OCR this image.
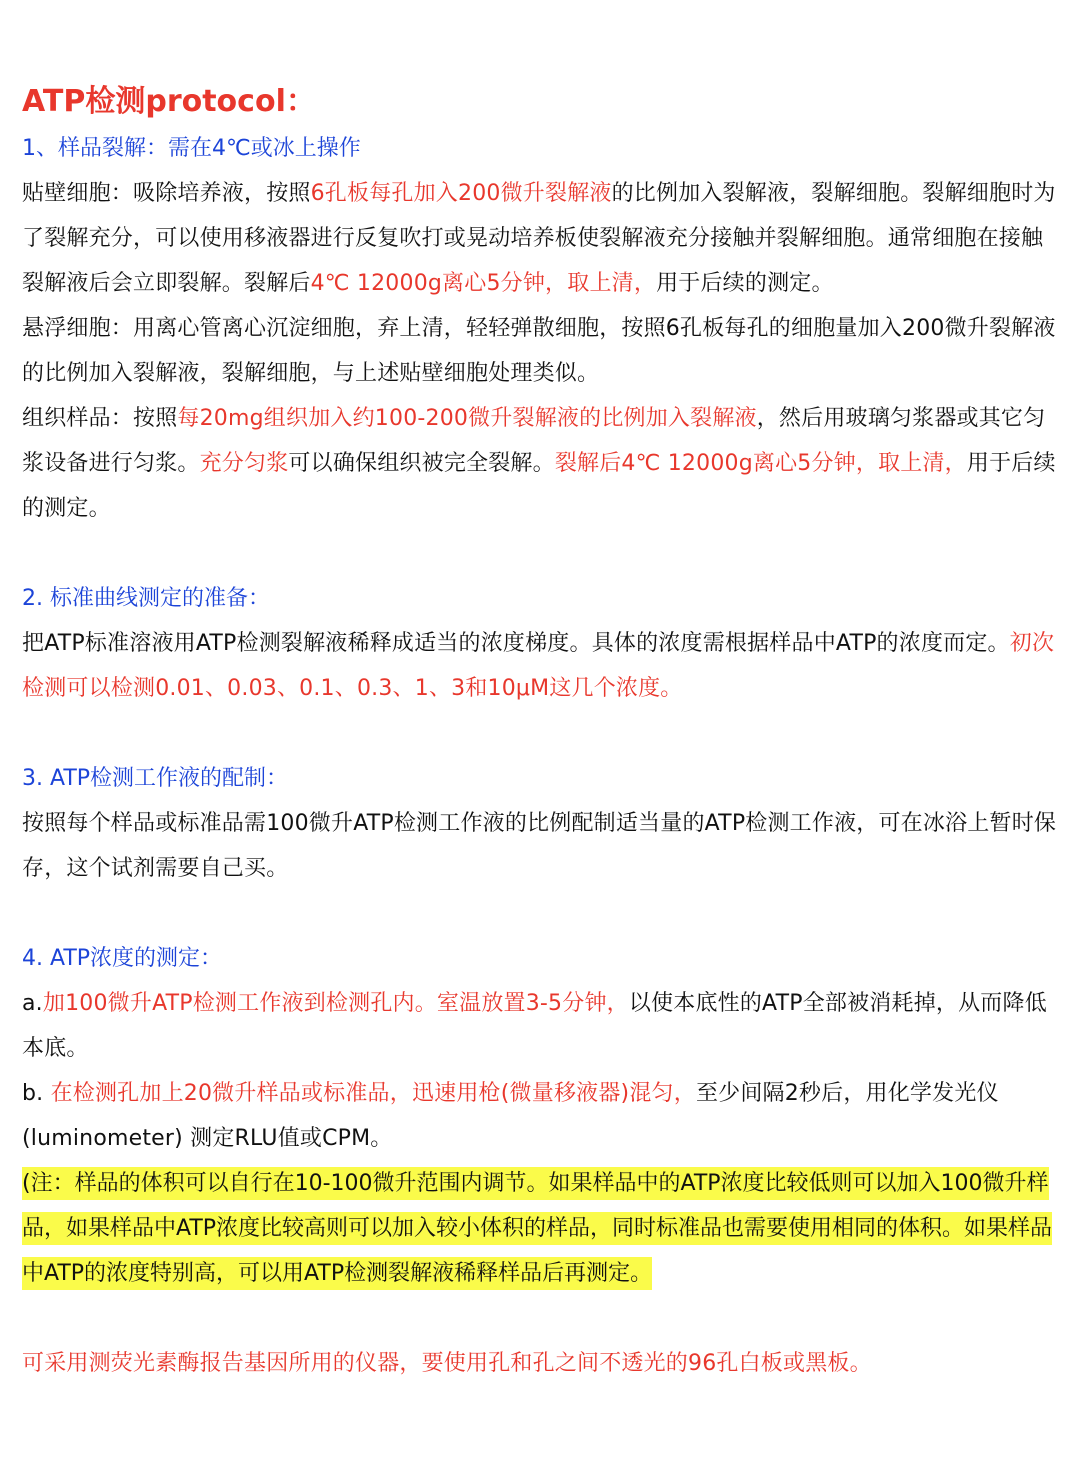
ATP检测protocol：
1、样品裂解：需在4℃或冰上操作

贴壁细胞：吸除培养液，按照6孔板每孔加入200微升裂解液的比例加入裂解液，裂解细胞。裂解细胞时为了裂解充分，可以使用移液器进行反复吹打或晃动培养板使裂解液充分接触并裂解细胞。通常细胞在接触裂解液后会立即裂解。裂解后4℃ 12000g离心5分钟，取上清，用于后续的测定。

悬浮细胞：用离心管离心沉淀细胞，弃上清，轻轻弹散细胞，按照6孔板每孔的细胞量加入200微升裂解液的比例加入裂解液，裂解细胞，与上述贴壁细胞处理类似。

组织样品：按照每20mg组织加入约100-200微升裂解液的比例加入裂解液，然后用玻璃匀浆器或其它匀浆设备进行匀浆。充分匀浆可以确保组织被完全裂解。裂解后4℃ 12000g离心5分钟，取上清，用于后续的测定。

2. 标准曲线测定的准备：

把ATP标准溶液用ATP检测裂解液稀释成适当的浓度梯度。具体的浓度需根据样品中ATP的浓度而定。初次检测可以检测0.01、0.03、0.1、0.3、1、3和10μM这几个浓度。

3. ATP检测工作液的配制：

按照每个样品或标准品需100微升ATP检测工作液的比例配制适当量的ATP检测工作液，可在冰浴上暂时保存，这个试剂需要自己买。

4. ATP浓度的测定：

a.加100微升ATP检测工作液到检测孔内。室温放置3-5分钟，以使本底性的ATP全部被消耗掉，从而降低本底。

b. 在检测孔加上20微升样品或标准品，迅速用枪(微量移液器)混匀，至少间隔2秒后，用化学发光仪(luminometer) 测定RLU值或CPM。

(注：样品的体积可以自行在10-100微升范围内调节。如果样品中的ATP浓度比较低则可以加入100微升样品，如果样品中ATP浓度比较高则可以加入较小体积的样品，同时标准品也需要使用相同的体积。如果样品中ATP的浓度特别高，可以用ATP检测裂解液稀释样品后再测定。

可采用测荧光素酶报告基因所用的仪器，要使用孔和孔之间不透光的96孔白板或黑板。
